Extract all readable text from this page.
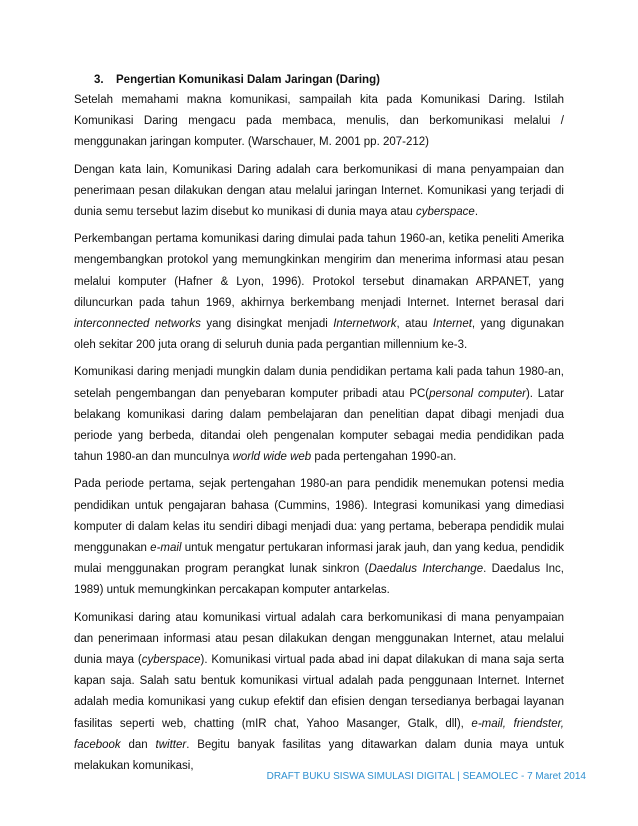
3. Pengertian Komunikasi Dalam Jaringan (Daring)

Setelah memahami makna komunikasi, sampailah kita pada Komunikasi Daring. Istilah Komunikasi Daring mengacu pada membaca, menulis, dan berkomunikasi melalui / menggunakan jaringan komputer. (Warschauer, M. 2001 pp. 207-212)

Dengan kata lain, Komunikasi Daring adalah cara berkomunikasi di mana penyampaian dan penerimaan pesan dilakukan dengan atau melalui jaringan Internet. Komunikasi yang terjadi di dunia semu tersebut lazim disebut ko munikasi di dunia maya atau cyberspace.

Perkembangan pertama komunikasi daring dimulai pada tahun 1960-an, ketika peneliti Amerika mengembangkan protokol yang memungkinkan mengirim dan menerima informasi atau pesan melalui komputer (Hafner & Lyon, 1996). Protokol tersebut dinamakan ARPANET, yang diluncurkan pada tahun 1969, akhirnya berkembang menjadi Internet. Internet berasal dari interconnected networks yang disingkat menjadi Internetwork, atau Internet, yang digunakan oleh sekitar 200 juta orang di seluruh dunia pada pergantian millennium ke-3.

Komunikasi daring menjadi mungkin dalam dunia pendidikan pertama kali pada tahun 1980-an, setelah pengembangan dan penyebaran komputer pribadi atau PC(personal computer). Latar belakang komunikasi daring dalam pembelajaran dan penelitian dapat dibagi menjadi dua periode yang berbeda, ditandai oleh pengenalan komputer sebagai media pendidikan pada tahun 1980-an dan munculnya world wide web pada pertengahan 1990-an.

Pada periode pertama, sejak pertengahan 1980-an para pendidik menemukan potensi media pendidikan untuk pengajaran bahasa (Cummins, 1986). Integrasi komunikasi yang dimediasi komputer di dalam kelas itu sendiri dibagi menjadi dua: yang pertama, beberapa pendidik mulai menggunakan e-mail untuk mengatur pertukaran informasi jarak jauh, dan yang kedua, pendidik mulai menggunakan program perangkat lunak sinkron (Daedalus Interchange. Daedalus Inc, 1989) untuk memungkinkan percakapan komputer antarkelas.

Komunikasi daring atau komunikasi virtual adalah cara berkomunikasi di mana penyampaian dan penerimaan informasi atau pesan dilakukan dengan menggunakan Internet, atau melalui dunia maya (cyberspace). Komunikasi virtual pada abad ini dapat dilakukan di mana saja serta kapan saja. Salah satu bentuk komunikasi virtual adalah pada penggunaan Internet. Internet adalah media komunikasi yang cukup efektif dan efisien dengan tersedianya berbagai layanan fasilitas seperti web, chatting (mIR chat, Yahoo Masanger, Gtalk, dll), e-mail, friendster, facebook dan twitter. Begitu banyak fasilitas yang ditawarkan dalam dunia maya untuk melakukan komunikasi,

DRAFT BUKU SISWA SIMULASI DIGITAL | SEAMOLEC - 7 Maret 2014
